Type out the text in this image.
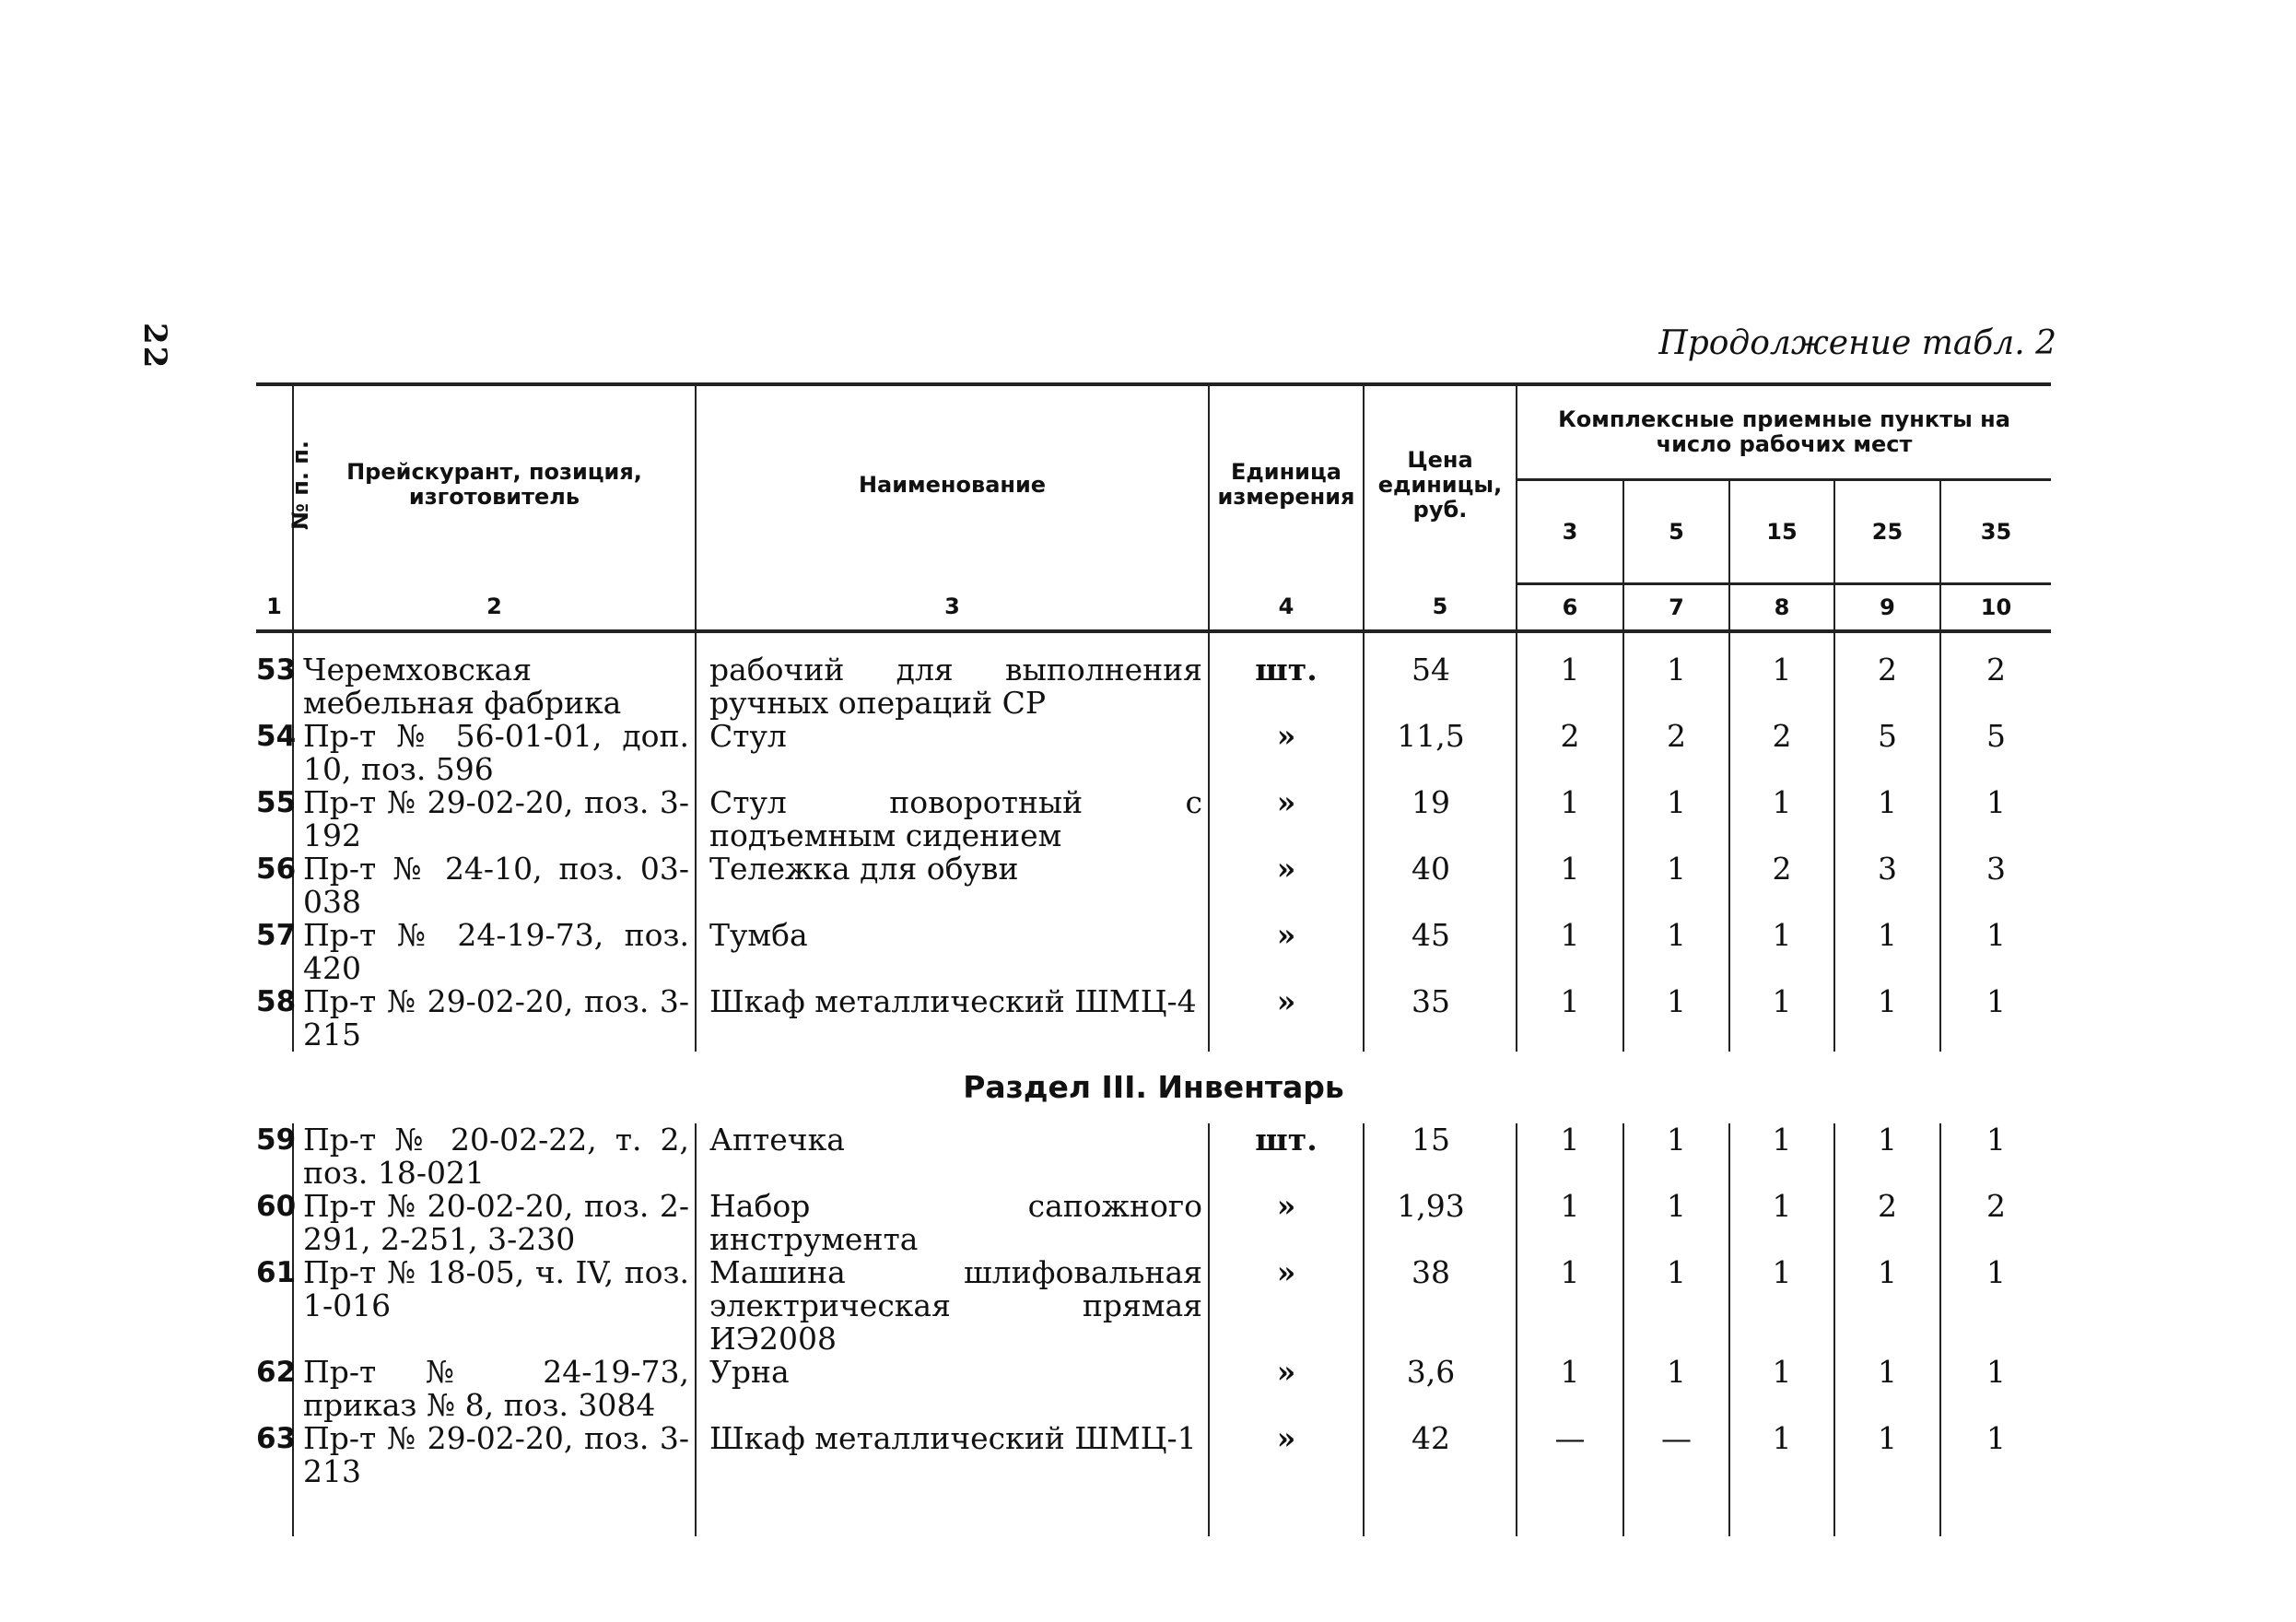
22	Продолжение табл. 2
№ п. п.	Прейскурант, позиция, изготовитель	Наименование	Единица измерения	Цена единицы, руб.	Комплексные приемные пункты на число рабочих мест				
					3	5	15	25	35
1	2	3	4	5	6	7	8	9	10

53	Черемховская мебельная фабрика	рабочий для выполнения ручных операций СР	шт.	54	1	1	1	2	2
54	Пр-т № 56-01-01, доп. 10, поз. 596	Стул	»	11,5	2	2	2	5	5
55	Пр-т № 29-02-20, поз. 3-192	Стул поворотный с подъемным сидением	»	19	1	1	1	1	1
56	Пр-т № 24-10, поз. 03-038	Тележка для обуви	»	40	1	1	2	3	3
57	Пр-т № 24-19-73, поз. 420	Тумба	»	45	1	1	1	1	1
58	Пр-т № 29-02-20, поз. 3-215	Шкаф металлический ШМЦ-4	»	35	1	1	1	1	1
Раздел III. Инвентарь									
59	Пр-т № 20-02-22, т. 2, поз. 18-021	Аптечка	шт.	15	1	1	1	1	1
60	Пр-т № 20-02-20, поз. 2-291, 2-251, 3-230	Набор сапожного инструмента	»	1,93	1	1	1	2	2
61	Пр-т № 18-05, ч. IV, поз. 1-016	Машина шлифовальная электрическая прямая ИЭ2008	»	38	1	1	1	1	1
62	Пр-т № 24-19-73, приказ № 8, поз. 3084	Урна	»	3,6	1	1	1	1	1
63	Пр-т № 29-02-20, поз. 3-213	Шкаф металлический ШМЦ-1	»	42	—	—	1	1	1
